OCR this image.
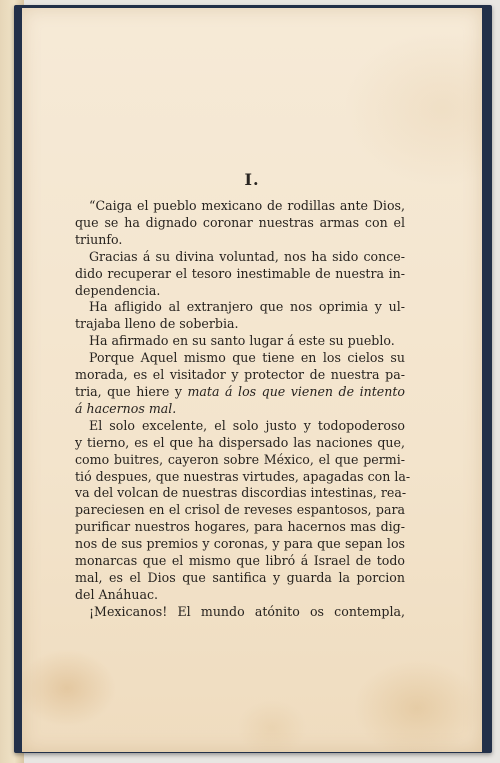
I.
“Caiga el pueblo mexicano de rodillas ante Dios,
que se ha dignado coronar nuestras armas con el
triunfo.
Gracias á su divina voluntad, nos ha sido conce-
dido recuperar el tesoro inestimable de nuestra in-
dependencia.
Ha afligido al extranjero que nos oprimia y ul-
trajaba lleno de soberbia.
Ha afirmado en su santo lugar á este su pueblo.
Porque Aquel mismo que tiene en los cielos su
morada, es el visitador y protector de nuestra pa-
tria, que hiere y mata á los que vienen de intento
á hacernos mal.
El solo excelente, el solo justo y todopoderoso
y tierno, es el que ha dispersado las naciones que,
como buitres, cayeron sobre México, el que permi-
tió despues, que nuestras virtudes, apagadas con la-
va del volcan de nuestras discordias intestinas, rea-
pareciesen en el crisol de reveses espantosos, para
purificar nuestros hogares, para hacernos mas dig-
nos de sus premios y coronas, y para que sepan los
monarcas que el mismo que libró á Israel de todo
mal, es el Dios que santifica y guarda la porcion
del Anáhuac.
¡Mexicanos! El mundo atónito os contempla,
